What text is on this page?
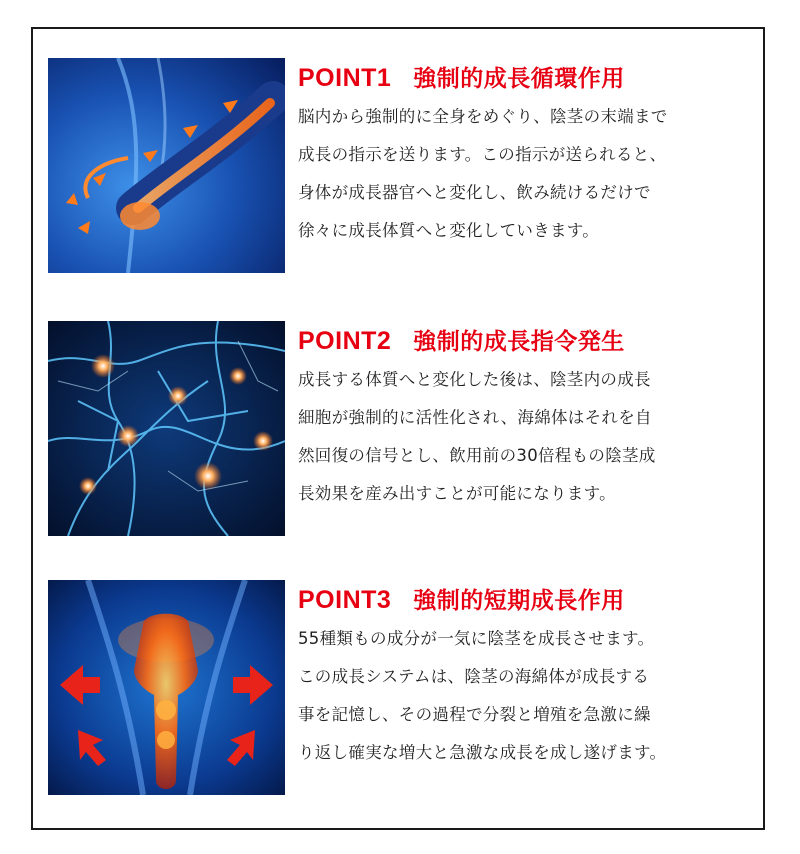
POINT1 強制的成長循環作用
脳内から強制的に全身をめぐり、陰茎の末端まで
成長の指示を送ります。この指示が送られると、
身体が成長器官へと変化し、飲み続けるだけで
徐々に成長体質へと変化していきます。
POINT2 強制的成長指令発生
成長する体質へと変化した後は、陰茎内の成長
細胞が強制的に活性化され、海綿体はそれを自
然回復の信号とし、飲用前の30倍程もの陰茎成
長効果を産み出すことが可能になります。
POINT3 強制的短期成長作用
55種類もの成分が一気に陰茎を成長させます。
この成長システムは、陰茎の海綿体が成長する
事を記憶し、その過程で分裂と増殖を急激に繰
り返し確実な増大と急激な成長を成し遂げます。
